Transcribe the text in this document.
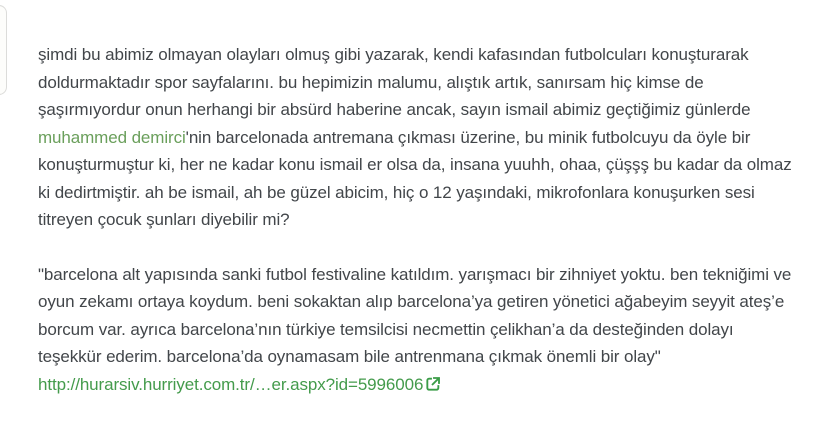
şimdi bu abimiz olmayan olayları olmuş gibi yazarak, kendi kafasından futbolcuları konuşturarak doldurmaktadır spor sayfalarını. bu hepimizin malumu, alıştık artık, sanırsam hiç kimse de şaşırmıyordur onun herhangi bir absürd haberine ancak, sayın ismail abimiz geçtiğimiz günlerde muhammed demirci'nin barcelonada antremana çıkması üzerine, bu minik futbolcuyu da öyle bir konuşturmuştur ki, her ne kadar konu ismail er olsa da, insana yuuhh, ohaa, çüşşş bu kadar da olmaz ki dedirtmiştir. ah be ismail, ah be güzel abicim, hiç o 12 yaşındaki, mikrofonlara konuşurken sesi titreyen çocuk şunları diyebilir mi?

"barcelona alt yapısında sanki futbol festivaline katıldım. yarışmacı bir zihniyet yoktu. ben tekniğimi ve oyun zekamı ortaya koydum. beni sokaktan alıp barcelona’ya getiren yönetici ağabeyim seyyit ateş’e borcum var. ayrıca barcelona’nın türkiye temsilcisi necmettin çelikhan’a da desteğinden dolayı teşekkür ederim. barcelona’da oynamasam bile antrenmana çıkmak önemli bir olay" http://hurarsiv.hurriyet.com.tr/…er.aspx?id=5996006
